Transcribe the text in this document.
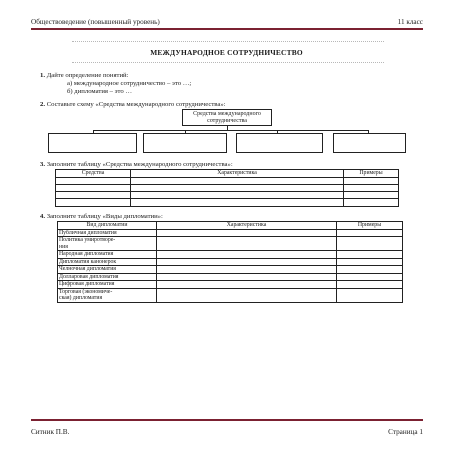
Обществоведение (повышенный уровень)	11 класс
МЕЖДУНАРОДНОЕ СОТРУДНИЧЕСТВО
1. Дайте определение понятий:
а) международное сотрудничество – это …;
б) дипломатия – это …
2. Составьте схему «Средства международного сотрудничества»:
Средства международного
сотрудничества
3. Заполните таблицу «Средства международного сотрудничества»:
Средства	Характеристика	Примеры

4. Заполните таблицу «Виды дипломатии»:
Вид дипломатии	Характеристика	Примеры
Публичная дипломатия		
Политика умиротворе-
ния		
Народная дипломатия		
Дипломатия канонерок		
Челночная дипломатия		
Долларовая дипломатия		
Цифровая дипломатия		
Торговая (экономиче-
ская) дипломатия		
Ситник П.В.	Страница 1
